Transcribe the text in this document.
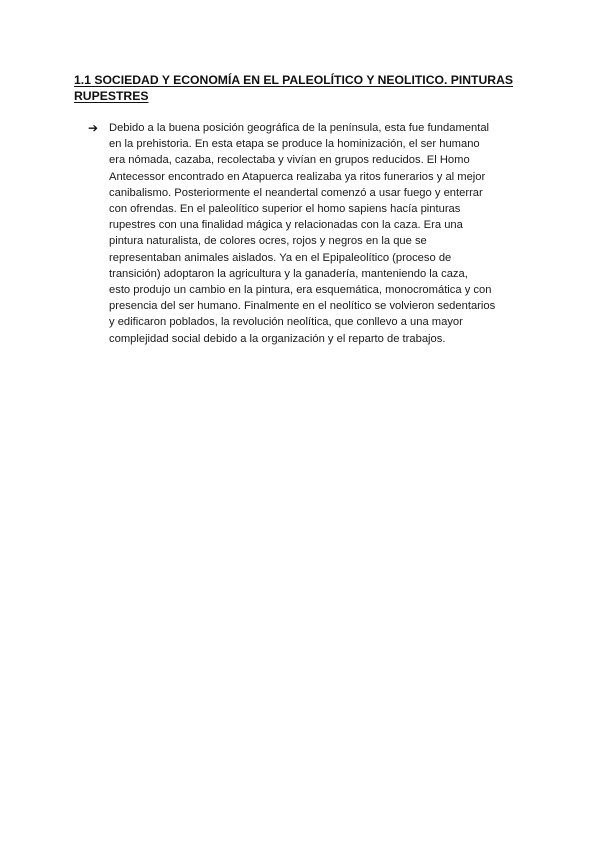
1.1 SOCIEDAD Y ECONOMÍA EN EL PALEOLÍTICO Y NEOLITICO. PINTURAS RUPESTRES
➔ Debido a la buena posición geográfica de la península, esta fue fundamental
en la prehistoria. En esta etapa se produce la hominización, el ser humano
era nómada, cazaba, recolectaba y vivían en grupos reducidos. El Homo
Antecessor encontrado en Atapuerca realizaba ya ritos funerarios y al mejor
canibalismo. Posteriormente el neandertal comenzó a usar fuego y enterrar
con ofrendas. En el paleolítico superior el homo sapiens hacía pinturas
rupestres con una finalidad mágica y relacionadas con la caza. Era una
pintura naturalista, de colores ocres, rojos y negros en la que se
representaban animales aislados. Ya en el Epipaleolítico (proceso de
transición) adoptaron la agricultura y la ganadería, manteniendo la caza,
esto produjo un cambio en la pintura, era esquemática, monocromática y con
presencia del ser humano. Finalmente en el neolítico se volvieron sedentarios
y edificaron poblados, la revolución neolítica, que conllevo a una mayor
complejidad social debido a la organización y el reparto de trabajos.
